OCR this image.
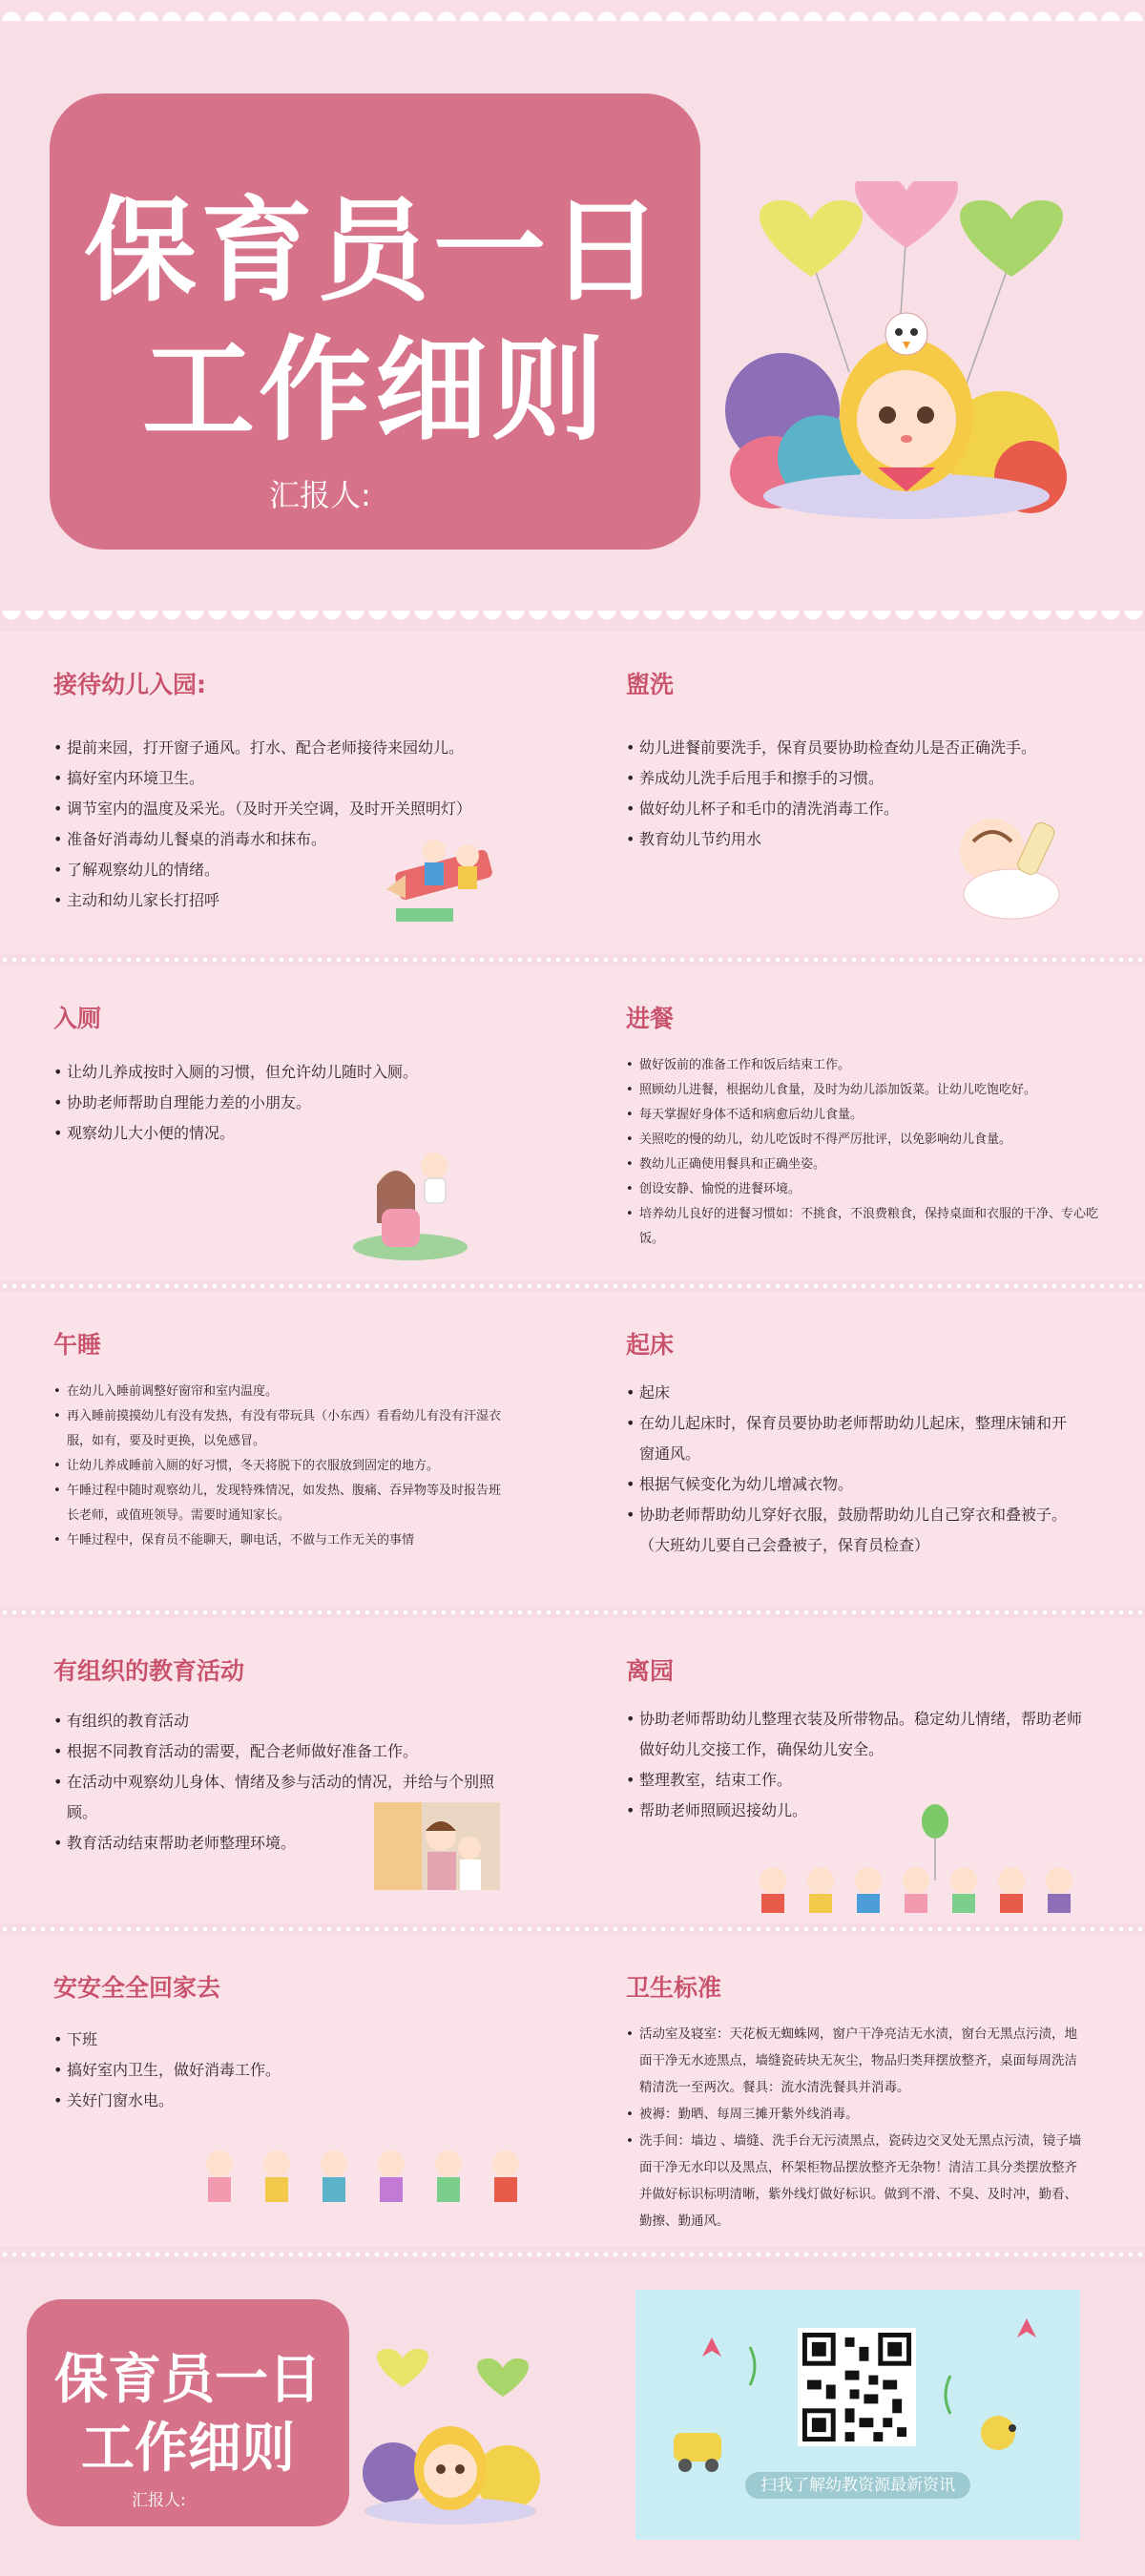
保育员一日
工作细则
汇报人:
接待幼儿入园:
• 提前来园，打开窗子通风。打水、配合老师接待来园幼儿。
• 搞好室内环境卫生。
• 调节室内的温度及采光。（及时开关空调，及时开关照明灯）
• 准备好消毒幼儿餐桌的消毒水和抹布。
• 了解观察幼儿的情绪。
• 主动和幼儿家长打招呼
盥洗
• 幼儿进餐前要洗手，保育员要协助检查幼儿是否正确洗手。
• 养成幼儿洗手后甩手和擦手的习惯。
• 做好幼儿杯子和毛巾的清洗消毒工作。
• 教育幼儿节约用水
入厕
• 让幼儿养成按时入厕的习惯，但允许幼儿随时入厕。
• 协助老师帮助自理能力差的小朋友。
• 观察幼儿大小便的情况。
进餐
• 做好饭前的准备工作和饭后结束工作。
• 照顾幼儿进餐，根据幼儿食量，及时为幼儿添加饭菜。让幼儿吃饱吃好。
• 每天掌握好身体不适和病愈后幼儿食量。
• 关照吃的慢的幼儿，幼儿吃饭时不得严厉批评，以免影响幼儿食量。
• 教幼儿正确使用餐具和正确坐姿。
• 创设安静、愉悦的进餐环境。
• 培养幼儿良好的进餐习惯如：不挑食，不浪费粮食，保持桌面和衣服的干净、专心吃饭。
午睡
• 在幼儿入睡前调整好窗帘和室内温度。
• 再入睡前摸摸幼儿有没有发热，有没有带玩具（小东西）看看幼儿有没有汗湿衣服，如有，要及时更换，以免感冒。
• 让幼儿养成睡前入厕的好习惯，冬天将脱下的衣服放到固定的地方。
• 午睡过程中随时观察幼儿，发现特殊情况，如发热、腹痛、吞异物等及时报告班长老师，或值班领导。需要时通知家长。
• 午睡过程中，保育员不能聊天，聊电话，不做与工作无关的事情
起床
• 起床
• 在幼儿起床时，保育员要协助老师帮助幼儿起床，整理床铺和开窗通风。
• 根据气候变化为幼儿增减衣物。
• 协助老师帮助幼儿穿好衣服，鼓励帮助幼儿自己穿衣和叠被子。（大班幼儿要自己会叠被子，保育员检查）
有组织的教育活动
• 有组织的教育活动
• 根据不同教育活动的需要，配合老师做好准备工作。
• 在活动中观察幼儿身体、情绪及参与活动的情况，并给与个别照顾。
• 教育活动结束帮助老师整理环境。
离园
• 协助老师帮助幼儿整理衣装及所带物品。稳定幼儿情绪，帮助老师做好幼儿交接工作，确保幼儿安全。
• 整理教室，结束工作。
• 帮助老师照顾迟接幼儿。
安安全全回家去
• 下班
• 搞好室内卫生，做好消毒工作。
• 关好门窗水电。
卫生标准
• 活动室及寝室：天花板无蜘蛛网，窗户干净亮洁无水渍，窗台无黑点污渍，地面干净无水迹黑点，墙缝瓷砖块无灰尘，物品归类拜摆放整齐，桌面每周洗洁精清洗一至两次。餐具：流水清洗餐具并消毒。
• 被褥：勤晒、每周三摊开紫外线消毒。
• 洗手间：墙边 、墙缝、洗手台无污渍黑点，瓷砖边交叉处无黑点污渍，镜子墙面干净无水印以及黑点，杯架柜物品摆放整齐无杂物！清洁工具分类摆放整齐并做好标识标明清晰，紫外线灯做好标识。做到不滑、不臭、及时冲，勤看、勤擦、勤通风。
保育员一日
工作细则
汇报人:
扫我了解幼教资源最新资讯
